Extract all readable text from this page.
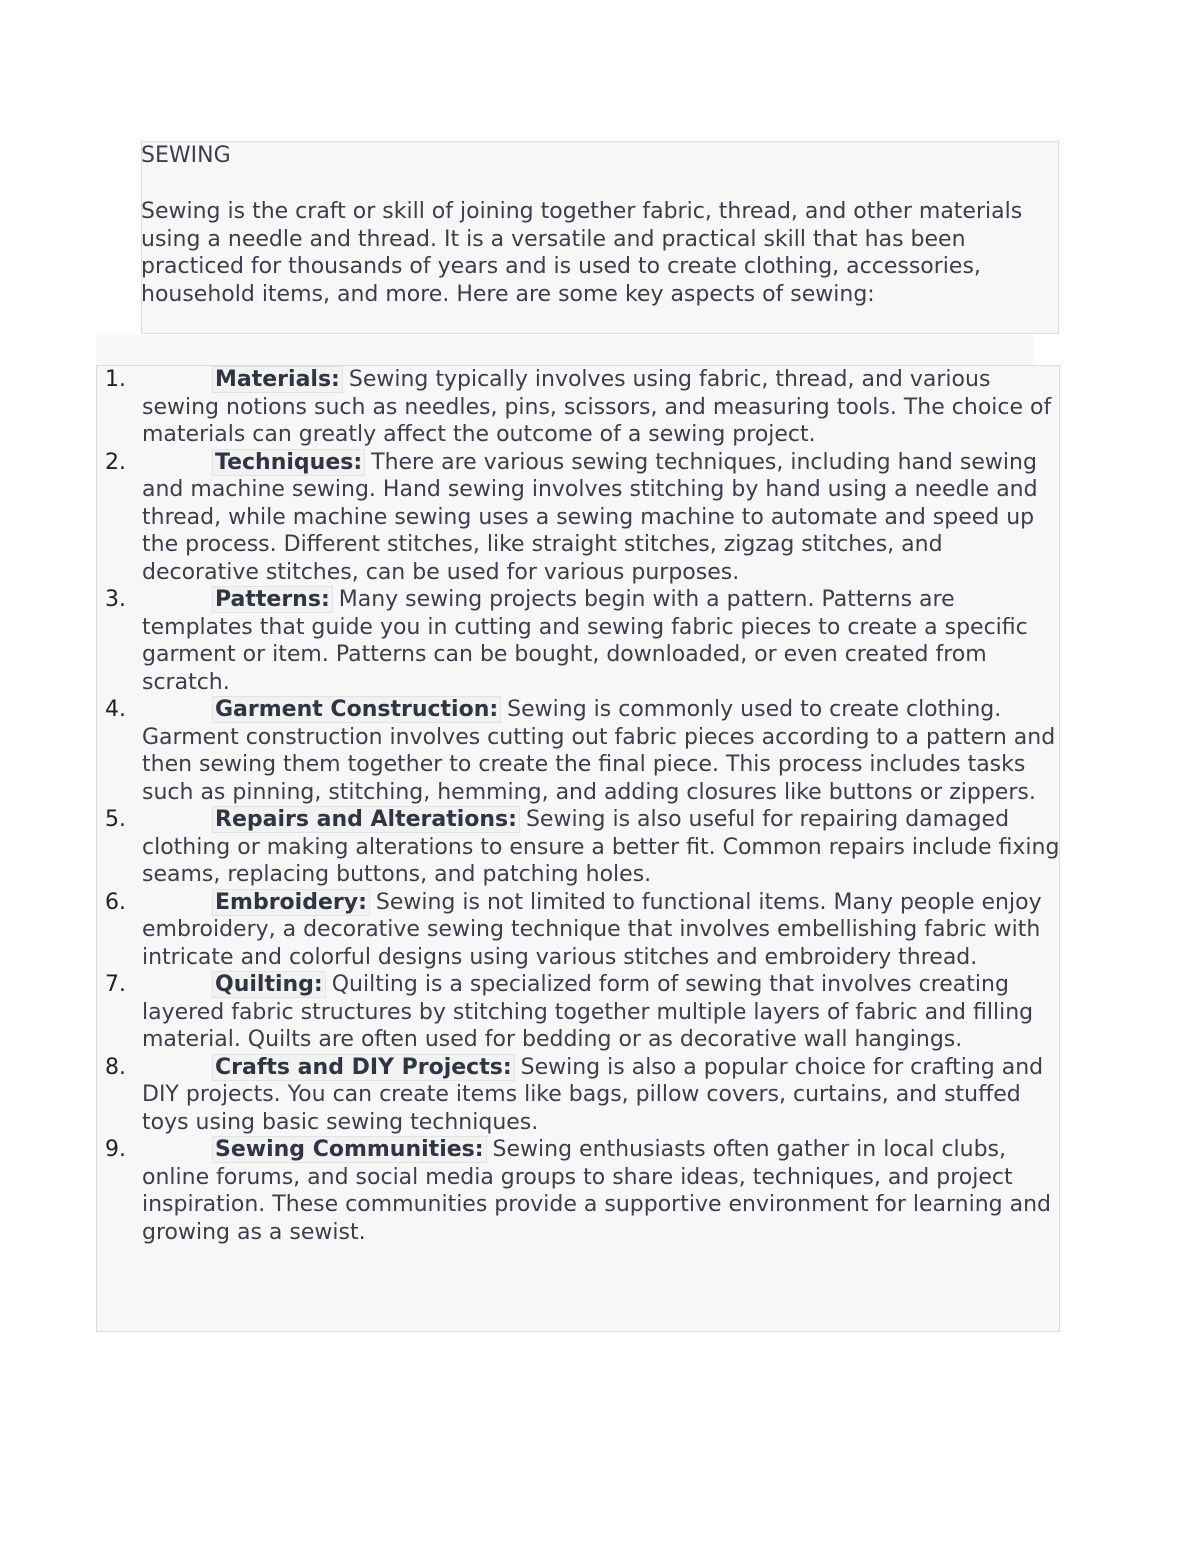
SEWING

Sewing is the craft or skill of joining together fabric, thread, and other materials using a needle and thread. It is a versatile and practical skill that has been practiced for thousands of years and is used to create clothing, accessories, household items, and more. Here are some key aspects of sewing:

1.	Materials: Sewing typically involves using fabric, thread, and various sewing notions such as needles, pins, scissors, and measuring tools. The choice of materials can greatly affect the outcome of a sewing project.
2.	Techniques: There are various sewing techniques, including hand sewing and machine sewing. Hand sewing involves stitching by hand using a needle and thread, while machine sewing uses a sewing machine to automate and speed up the process. Different stitches, like straight stitches, zigzag stitches, and decorative stitches, can be used for various purposes.
3.	Patterns: Many sewing projects begin with a pattern. Patterns are templates that guide you in cutting and sewing fabric pieces to create a specific garment or item. Patterns can be bought, downloaded, or even created from scratch.
4.	Garment Construction: Sewing is commonly used to create clothing. Garment construction involves cutting out fabric pieces according to a pattern and then sewing them together to create the final piece. This process includes tasks such as pinning, stitching, hemming, and adding closures like buttons or zippers.
5.	Repairs and Alterations: Sewing is also useful for repairing damaged clothing or making alterations to ensure a better fit. Common repairs include fixing seams, replacing buttons, and patching holes.
6.	Embroidery: Sewing is not limited to functional items. Many people enjoy embroidery, a decorative sewing technique that involves embellishing fabric with intricate and colorful designs using various stitches and embroidery thread.
7.	Quilting: Quilting is a specialized form of sewing that involves creating layered fabric structures by stitching together multiple layers of fabric and filling material. Quilts are often used for bedding or as decorative wall hangings.
8.	Crafts and DIY Projects: Sewing is also a popular choice for crafting and DIY projects. You can create items like bags, pillow covers, curtains, and stuffed toys using basic sewing techniques.
9.	Sewing Communities: Sewing enthusiasts often gather in local clubs, online forums, and social media groups to share ideas, techniques, and project inspiration. These communities provide a supportive environment for learning and growing as a sewist.
